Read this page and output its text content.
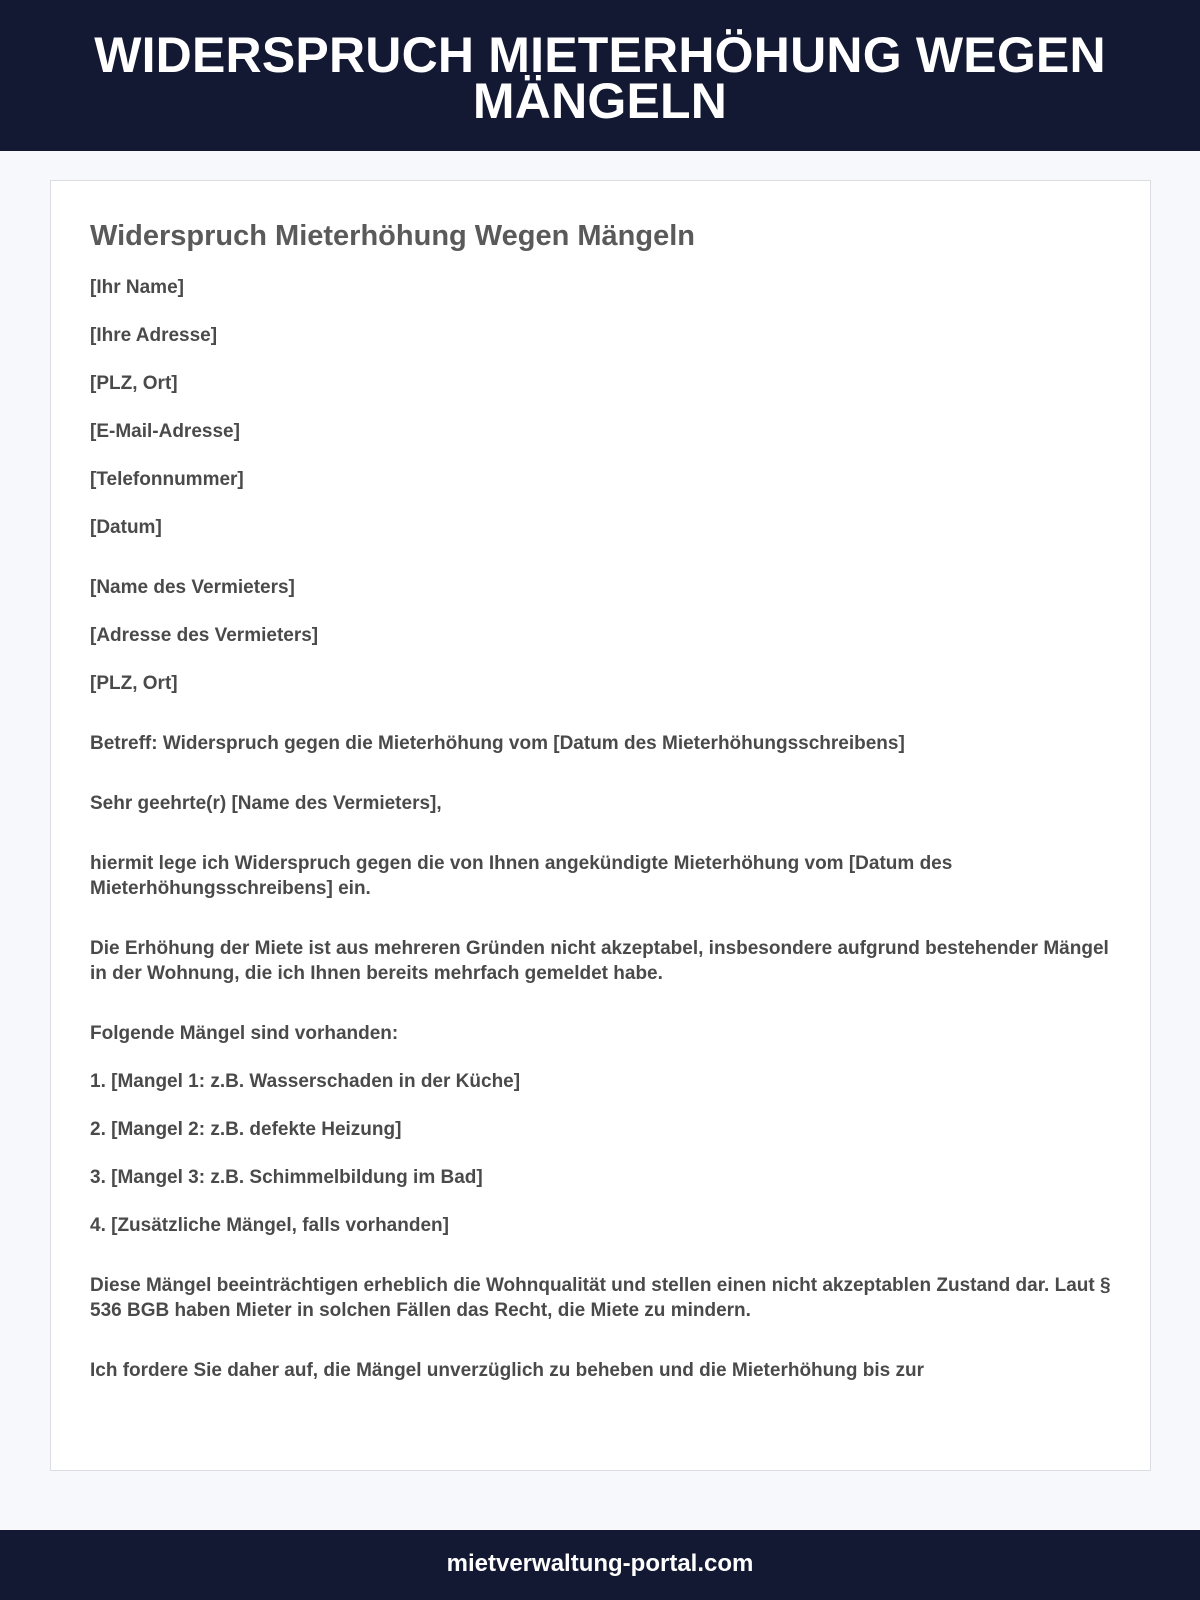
WIDERSPRUCH MIETERHÖHUNG WEGEN MÄNGELN
Widerspruch Mieterhöhung Wegen Mängeln
[Ihr Name]
[Ihre Adresse]
[PLZ, Ort]
[E-Mail-Adresse]
[Telefonnummer]
[Datum]
[Name des Vermieters]
[Adresse des Vermieters]
[PLZ, Ort]
Betreff: Widerspruch gegen die Mieterhöhung vom [Datum des Mieterhöhungsschreibens]
Sehr geehrte(r) [Name des Vermieters],
hiermit lege ich Widerspruch gegen die von Ihnen angekündigte Mieterhöhung vom [Datum des Mieterhöhungsschreibens] ein.
Die Erhöhung der Miete ist aus mehreren Gründen nicht akzeptabel, insbesondere aufgrund bestehender Mängel in der Wohnung, die ich Ihnen bereits mehrfach gemeldet habe.
Folgende Mängel sind vorhanden:
1. [Mangel 1: z.B. Wasserschaden in der Küche]
2. [Mangel 2: z.B. defekte Heizung]
3. [Mangel 3: z.B. Schimmelbildung im Bad]
4. [Zusätzliche Mängel, falls vorhanden]
Diese Mängel beeinträchtigen erheblich die Wohnqualität und stellen einen nicht akzeptablen Zustand dar. Laut § 536 BGB haben Mieter in solchen Fällen das Recht, die Miete zu mindern.
Ich fordere Sie daher auf, die Mängel unverzüglich zu beheben und die Mieterhöhung bis zur
mietverwaltung-portal.com
